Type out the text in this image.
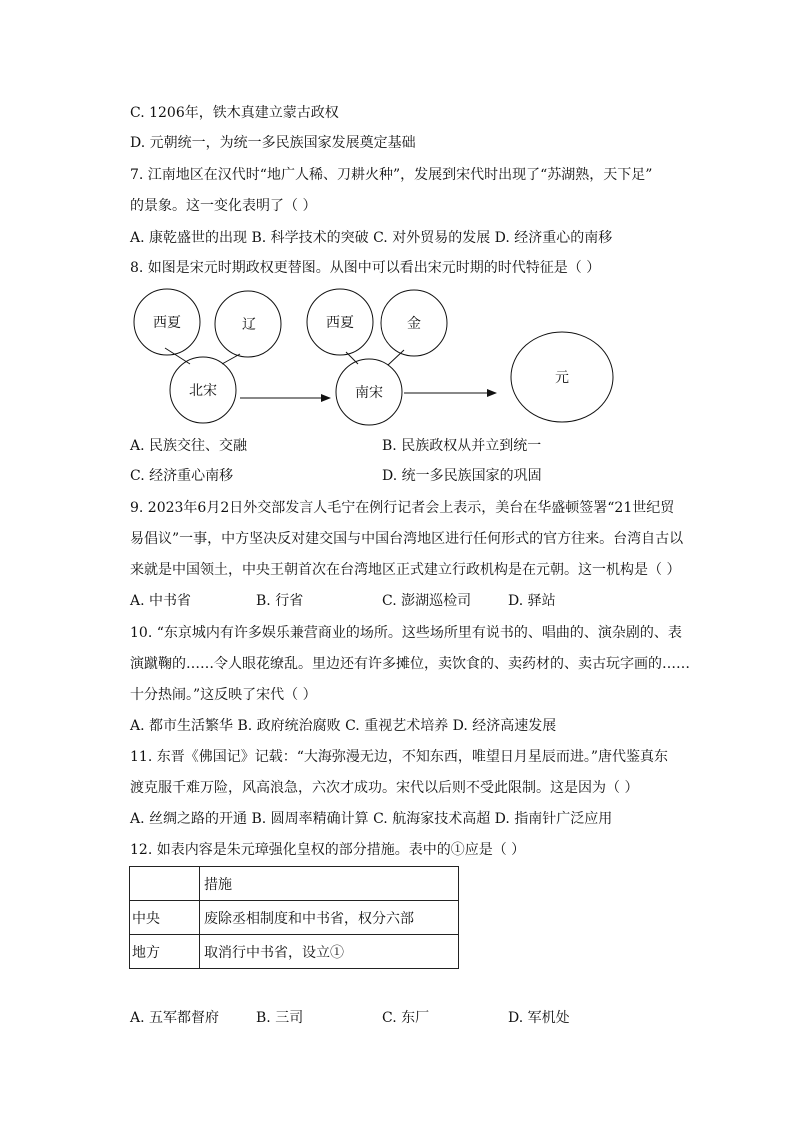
C. 1206年，铁木真建立蒙古政权
D. 元朝统一，为统一多民族国家发展奠定基础
7. 江南地区在汉代时“地广人稀、刀耕火种”，发展到宋代时出现了“苏湖熟，天下足”
的景象。这一变化表明了（ ）
A. 康乾盛世的出现 B. 科学技术的突破 C. 对外贸易的发展 D. 经济重心的南移
8. 如图是宋元时期政权更替图。从图中可以看出宋元时期的时代特征是（ ）
西夏	辽
北宋
西夏	金
南宋
元
A. 民族交往、交融	B. 民族政权从并立到统一
C. 经济重心南移	D. 统一多民族国家的巩固
9. 2023年6月2日外交部发言人毛宁在例行记者会上表示，美台在华盛顿签署“21世纪贸
易倡议”一事，中方坚决反对建交国与中国台湾地区进行任何形式的官方往来。台湾自古以
来就是中国领土，中央王朝首次在台湾地区正式建立行政机构是在元朝。这一机构是（ ）
A. 中书省	B. 行省	C. 澎湖巡检司	D. 驿站
10. “东京城内有许多娱乐兼营商业的场所。这些场所里有说书的、唱曲的、演杂剧的、表
演蹴鞠的……令人眼花缭乱。里边还有许多摊位，卖饮食的、卖药材的、卖古玩字画的……
十分热闹。”这反映了宋代（ ）
A. 都市生活繁华 B. 政府统治腐败 C. 重视艺术培养 D. 经济高速发展
11. 东晋《佛国记》记载：“大海弥漫无边，不知东西，唯望日月星辰而进。”唐代鉴真东
渡克服千难万险，风高浪急，六次才成功。宋代以后则不受此限制。这是因为（ ）
A. 丝绸之路的开通 B. 圆周率精确计算 C. 航海家技术高超 D. 指南针广泛应用
12. 如表内容是朱元璋强化皇权的部分措施。表中的①应是（ ）
	措施
中央	废除丞相制度和中书省，权分六部
地方	取消行中书省，设立①
A. 五军都督府	B. 三司	C. 东厂	D. 军机处
